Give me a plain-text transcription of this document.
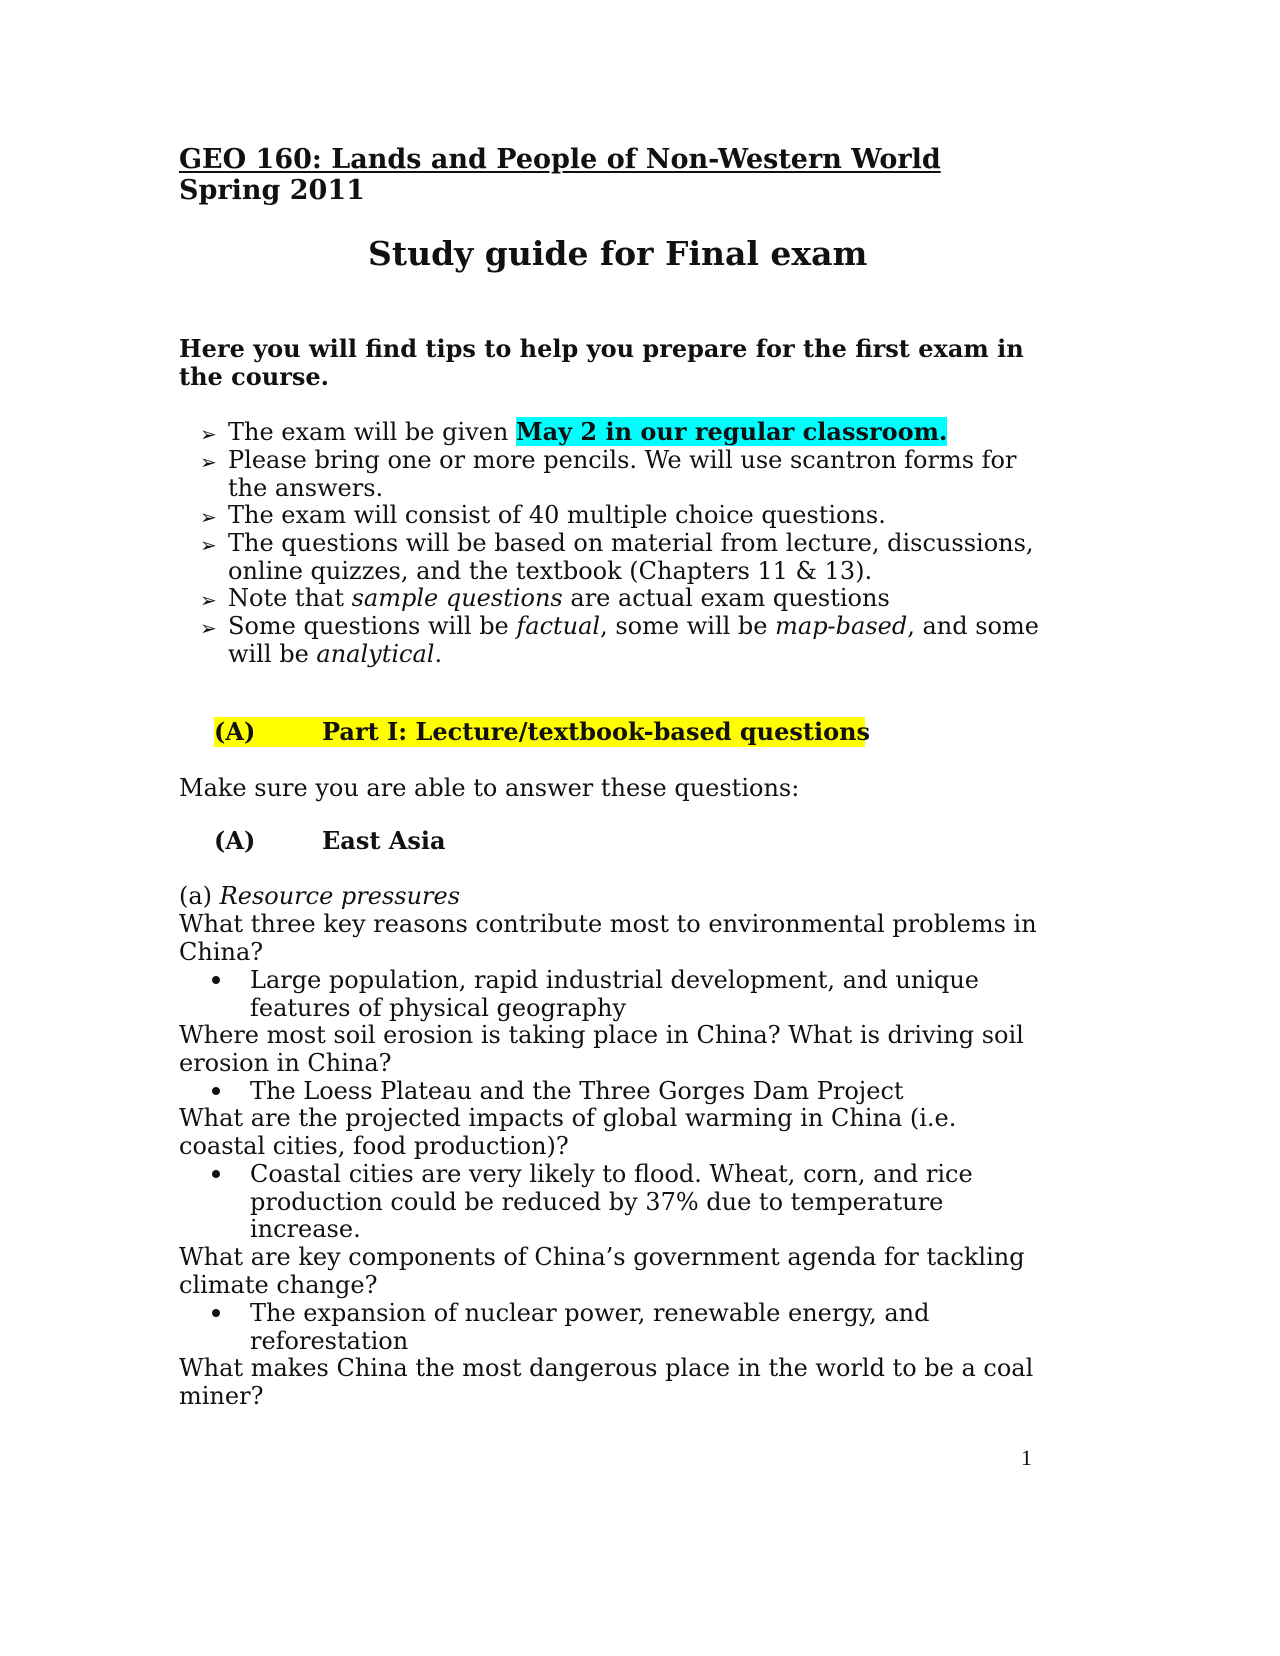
GEO 160: Lands and People of Non-Western World
Spring 2011
Study guide for Final exam
Here you will find tips to help you prepare for the first exam in
the course.
➢ The exam will be given May 2 in our regular classroom.
➢ Please bring one or more pencils. We will use scantron forms for
the answers.
➢ The exam will consist of 40 multiple choice questions.
➢ The questions will be based on material from lecture, discussions,
online quizzes, and the textbook (Chapters 11 & 13).
➢ Note that sample questions are actual exam questions
➢ Some questions will be factual, some will be map-based, and some
will be analytical.
(A)	Part I: Lecture/textbook-based questions
Make sure you are able to answer these questions:
(A)	East Asia
(a) Resource pressures
What three key reasons contribute most to environmental problems in
China?
Large population, rapid industrial development, and unique
features of physical geography
Where most soil erosion is taking place in China? What is driving soil
erosion in China?
The Loess Plateau and the Three Gorges Dam Project
What are the projected impacts of global warming in China (i.e.
coastal cities, food production)?
Coastal cities are very likely to flood. Wheat, corn, and rice
production could be reduced by 37% due to temperature
increase.
What are key components of China’s government agenda for tackling
climate change?
The expansion of nuclear power, renewable energy, and
reforestation
What makes China the most dangerous place in the world to be a coal
miner?
1
